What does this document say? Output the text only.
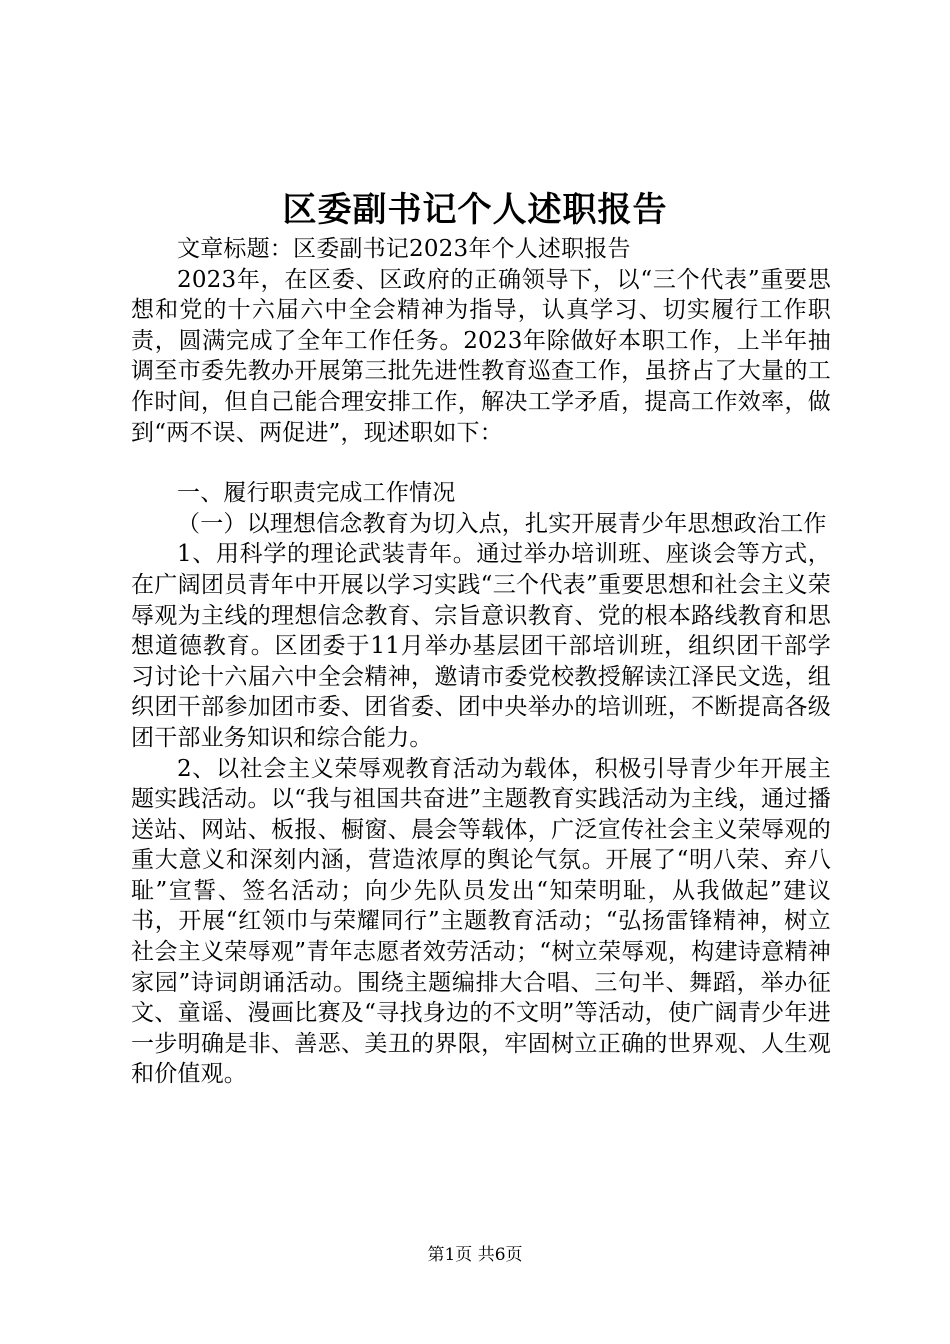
区委副书记个人述职报告

文章标题：区委副书记2023年个人述职报告

2023年，在区委、区政府的正确领导下，以“三个代表”重要思想和党的十六届六中全会精神为指导，认真学习、切实履行工作职责，圆满完成了全年工作任务。2023年除做好本职工作，上半年抽调至市委先教办开展第三批先进性教育巡查工作，虽挤占了大量的工作时间，但自己能合理安排工作，解决工学矛盾，提高工作效率，做到“两不误、两促进”，现述职如下：

一、履行职责完成工作情况

（一）以理想信念教育为切入点，扎实开展青少年思想政治工作

1、用科学的理论武装青年。通过举办培训班、座谈会等方式，在广阔团员青年中开展以学习实践“三个代表”重要思想和社会主义荣辱观为主线的理想信念教育、宗旨意识教育、党的根本路线教育和思想道德教育。区团委于11月举办基层团干部培训班，组织团干部学习讨论十六届六中全会精神，邀请市委党校教授解读江泽民文选，组织团干部参加团市委、团省委、团中央举办的培训班，不断提高各级团干部业务知识和综合能力。

2、以社会主义荣辱观教育活动为载体，积极引导青少年开展主题实践活动。以“我与祖国共奋进”主题教育实践活动为主线，通过播送站、网站、板报、橱窗、晨会等载体，广泛宣传社会主义荣辱观的重大意义和深刻内涵，营造浓厚的舆论气氛。开展了“明八荣、弃八耻”宣誓、签名活动；向少先队员发出“知荣明耻，从我做起”建议书，开展“红领巾与荣耀同行”主题教育活动；“弘扬雷锋精神，树立社会主义荣辱观”青年志愿者效劳活动；“树立荣辱观，构建诗意精神家园”诗词朗诵活动。围绕主题编排大合唱、三句半、舞蹈，举办征文、童谣、漫画比赛及“寻找身边的不文明”等活动，使广阔青少年进一步明确是非、善恶、美丑的界限，牢固树立正确的世界观、人生观和价值观。

第1页 共6页
